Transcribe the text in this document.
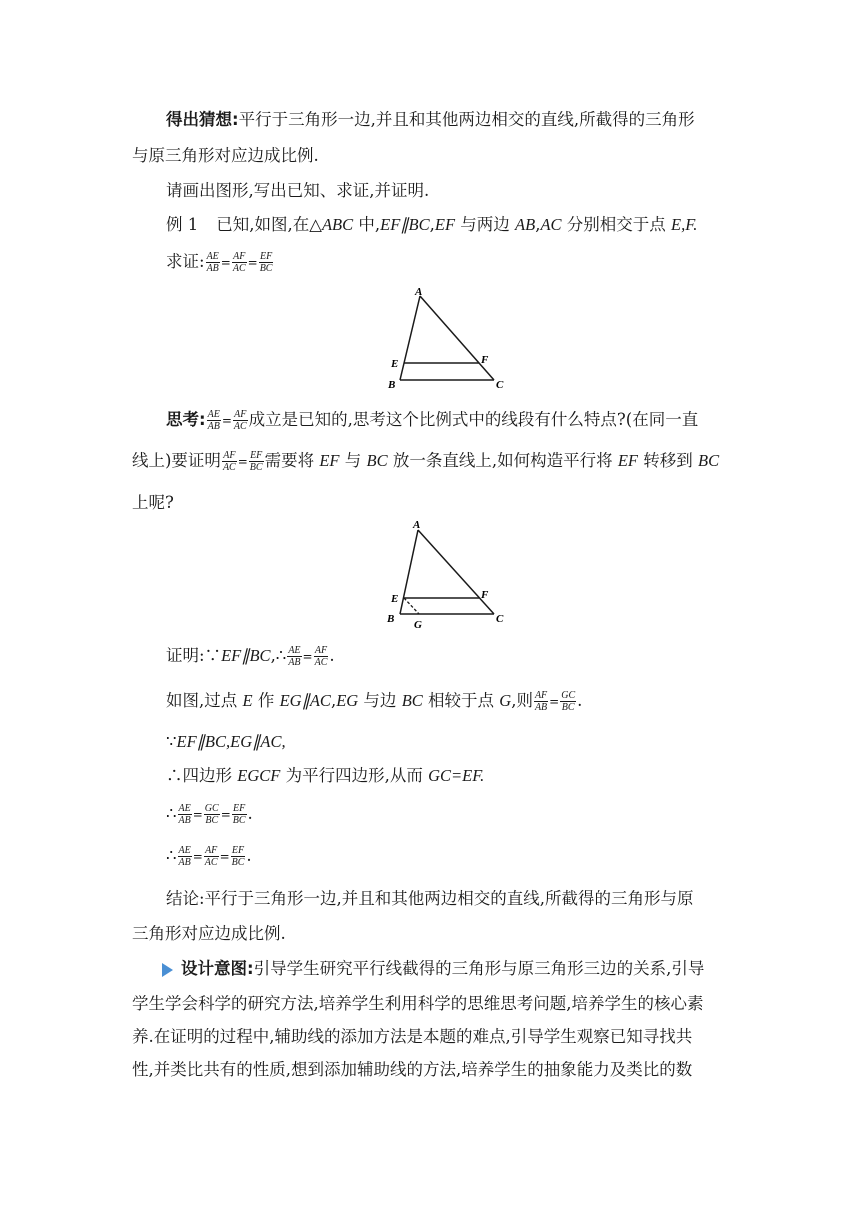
得出猜想:平行于三角形一边,并且和其他两边相交的直线,所截得的三角形
与原三角形对应边成比例.
请画出图形,写出已知、求证,并证明.
例 1 已知,如图,在△ABC 中,EF∥BC,EF 与两边 AB,AC 分别相交于点 E,F.
求证: $\frac{AE}{AB} = \frac{AF}{AC} = \frac{EF}{BC}$
A
B	C
E	F
思考: $\frac{AE}{AB} = \frac{AF}{AC}$ 成立是已知的,思考这个比例式中的线段有什么特点?(在同一直
线上)要证明 $\frac{AF}{AC} = \frac{EF}{BC}$ 需要将 EF 与 BC 放一条直线上,如何构造平行将 EF 转移到 BC
上呢?
A
B	C
E	F
G
证明:∵EF∥BC,∴ $\frac{AE}{AB} = \frac{AF}{AC}$ .
如图,过点 E 作 EG∥AC,EG 与边 BC 相较于点 G,则 $\frac{AF}{AB} = \frac{GC}{BC}$ .
∵EF∥BC,EG∥AC,
∴四边形 EGCF 为平行四边形,从而 GC=EF.
∴ $\frac{AE}{AB} = \frac{GC}{BC} = \frac{EF}{BC}$ .
∴ $\frac{AE}{AB} = \frac{AF}{AC} = \frac{EF}{BC}$ .
结论:平行于三角形一边,并且和其他两边相交的直线,所截得的三角形与原
三角形对应边成比例.
设计意图:引导学生研究平行线截得的三角形与原三角形三边的关系,引导
学生学会科学的研究方法,培养学生利用科学的思维思考问题,培养学生的核心素
养.在证明的过程中,辅助线的添加方法是本题的难点,引导学生观察已知寻找共
性,并类比共有的性质,想到添加辅助线的方法,培养学生的抽象能力及类比的数
